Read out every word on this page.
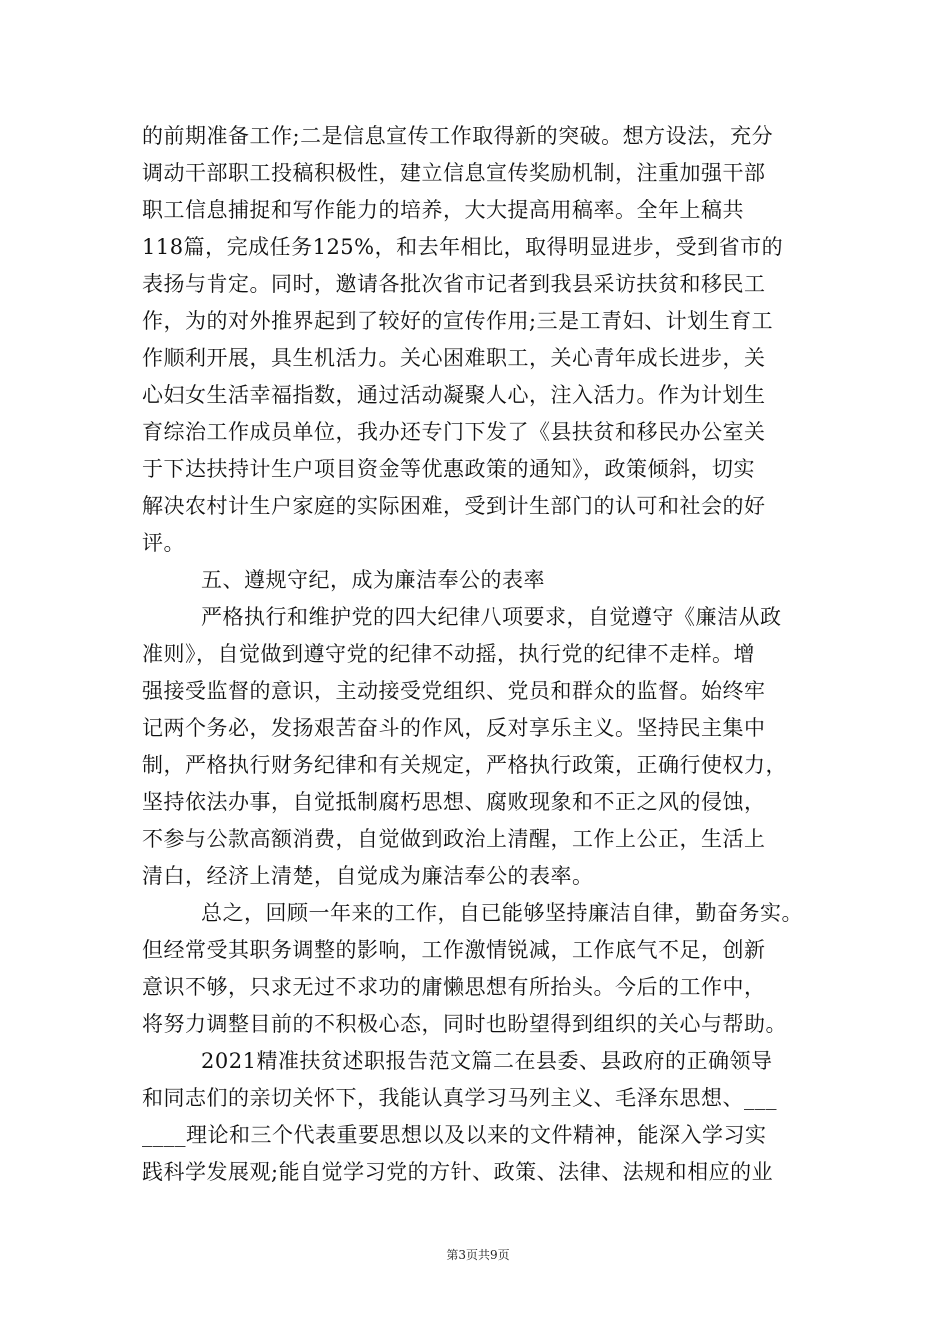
的前期准备工作;二是信息宣传工作取得新的突破。想方设法，充分
调动干部职工投稿积极性，建立信息宣传奖励机制，注重加强干部
职工信息捕捉和写作能力的培养，大大提高用稿率。全年上稿共
118篇，完成任务125%，和去年相比，取得明显进步，受到省市的
表扬与肯定。同时，邀请各批次省市记者到我县采访扶贫和移民工
作，为的对外推界起到了较好的宣传作用;三是工青妇、计划生育工
作顺利开展，具生机活力。关心困难职工，关心青年成长进步，关
心妇女生活幸福指数，通过活动凝聚人心，注入活力。作为计划生
育综治工作成员单位，我办还专门下发了《县扶贫和移民办公室关
于下达扶持计生户项目资金等优惠政策的通知》，政策倾斜，切实
解决农村计生户家庭的实际困难，受到计生部门的认可和社会的好
评。
五、遵规守纪，成为廉洁奉公的表率
严格执行和维护党的四大纪律八项要求，自觉遵守《廉洁从政
准则》，自觉做到遵守党的纪律不动摇，执行党的纪律不走样。增
强接受监督的意识，主动接受党组织、党员和群众的监督。始终牢
记两个务必，发扬艰苦奋斗的作风，反对享乐主义。坚持民主集中
制，严格执行财务纪律和有关规定，严格执行政策，正确行使权力，
坚持依法办事，自觉抵制腐朽思想、腐败现象和不正之风的侵蚀，
不参与公款高额消费，自觉做到政治上清醒，工作上公正，生活上
清白，经济上清楚，自觉成为廉洁奉公的表率。
总之，回顾一年来的工作，自已能够坚持廉洁自律，勤奋务实。
但经常受其职务调整的影响，工作激情锐减，工作底气不足，创新
意识不够，只求无过不求功的庸懒思想有所抬头。今后的工作中，
将努力调整目前的不积极心态，同时也盼望得到组织的关心与帮助。
2021精准扶贫述职报告范文篇二在县委、县政府的正确领导
和同志们的亲切关怀下，我能认真学习马列主义、毛泽东思想、___
____理论和三个代表重要思想以及以来的文件精神，能深入学习实
践科学发展观;能自觉学习党的方针、政策、法律、法规和相应的业
第3页共9页
